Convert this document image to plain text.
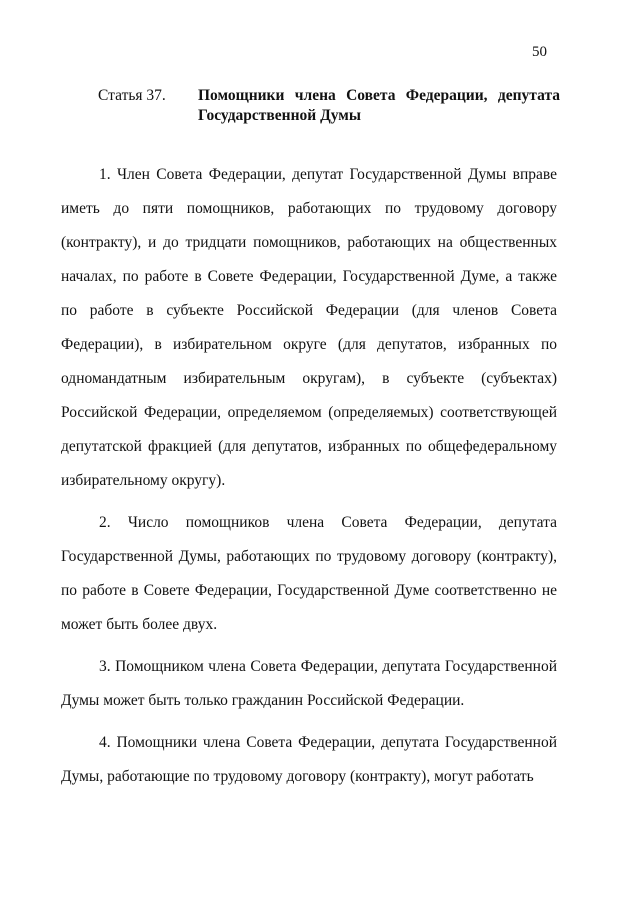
50
Статья 37. Помощники члена Совета Федерации, депутата Государственной Думы

1. Член Совета Федерации, депутат Государственной Думы вправе иметь до пяти помощников, работающих по трудовому договору (контракту), и до тридцати помощников, работающих на общественных началах, по работе в Совете Федерации, Государственной Думе, а также по работе в субъекте Российской Федерации (для членов Совета Федерации), в избирательном округе (для депутатов, избранных по одномандатным избирательным округам), в субъекте (субъектах) Российской Федерации, определяемом (определяемых) соответствующей депутатской фракцией (для депутатов, избранных по общефедеральному избирательному округу).

2. Число помощников члена Совета Федерации, депутата Государственной Думы, работающих по трудовому договору (контракту), по работе в Совете Федерации, Государственной Думе соответственно не может быть более двух.

3. Помощником члена Совета Федерации, депутата Государственной Думы может быть только гражданин Российской Федерации.

4. Помощники члена Совета Федерации, депутата Государственной Думы, работающие по трудовому договору (контракту), могут работать
